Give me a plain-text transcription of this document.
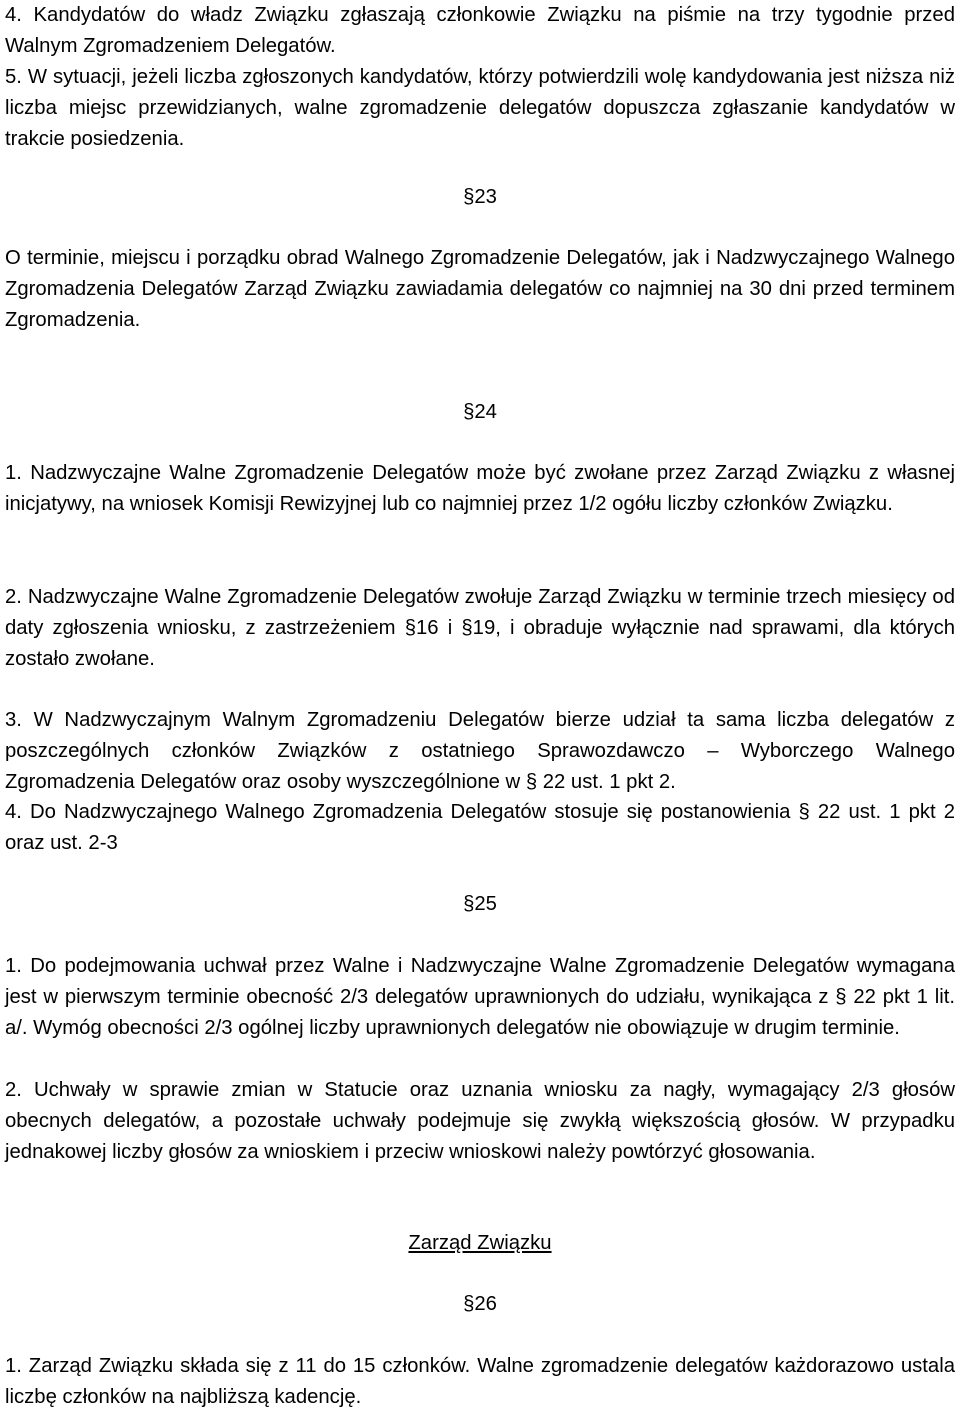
4. Kandydatów do władz Związku zgłaszają członkowie Związku na piśmie na trzy tygodnie przed Walnym Zgromadzeniem Delegatów.

5. W sytuacji, jeżeli liczba zgłoszonych kandydatów, którzy potwierdzili wolę kandydowania jest niższa niż liczba miejsc przewidzianych, walne zgromadzenie delegatów dopuszcza zgłaszanie kandydatów w trakcie posiedzenia.

§23

O terminie, miejscu i porządku obrad Walnego Zgromadzenie Delegatów, jak i Nadzwyczajnego Walnego Zgromadzenia Delegatów Zarząd Związku zawiadamia delegatów co najmniej na 30 dni przed terminem Zgromadzenia.

§24

1. Nadzwyczajne Walne Zgromadzenie Delegatów może być zwołane przez Zarząd Związku z własnej inicjatywy, na wniosek Komisji Rewizyjnej lub co najmniej przez 1/2 ogółu liczby członków Związku.

2. Nadzwyczajne Walne Zgromadzenie Delegatów zwołuje Zarząd Związku w terminie trzech miesięcy od daty zgłoszenia wniosku, z zastrzeżeniem §16 i §19, i obraduje wyłącznie nad sprawami, dla których zostało zwołane.

3. W Nadzwyczajnym Walnym Zgromadzeniu Delegatów bierze udział ta sama liczba delegatów z poszczególnych członków Związków z ostatniego Sprawozdawczo – Wyborczego Walnego Zgromadzenia Delegatów oraz osoby wyszczególnione w § 22 ust. 1 pkt 2.

4. Do Nadzwyczajnego Walnego Zgromadzenia Delegatów stosuje się postanowienia § 22 ust. 1 pkt 2 oraz ust. 2-3

§25

1. Do podejmowania uchwał przez Walne i Nadzwyczajne Walne Zgromadzenie Delegatów wymagana jest w pierwszym terminie obecność 2/3 delegatów uprawnionych do udziału, wynikająca z § 22 pkt 1 lit. a/. Wymóg obecności 2/3 ogólnej liczby uprawnionych delegatów nie obowiązuje w drugim terminie.

2. Uchwały w sprawie zmian w Statucie oraz uznania wniosku za nagły, wymagający 2/3 głosów obecnych delegatów, a pozostałe uchwały podejmuje się zwykłą większością głosów. W przypadku jednakowej liczby głosów za wnioskiem i przeciw wnioskowi należy powtórzyć głosowania.

Zarząd Związku
§26

1. Zarząd Związku składa się z 11 do 15 członków. Walne zgromadzenie delegatów każdorazowo ustala liczbę członków na najbliższą kadencję.
